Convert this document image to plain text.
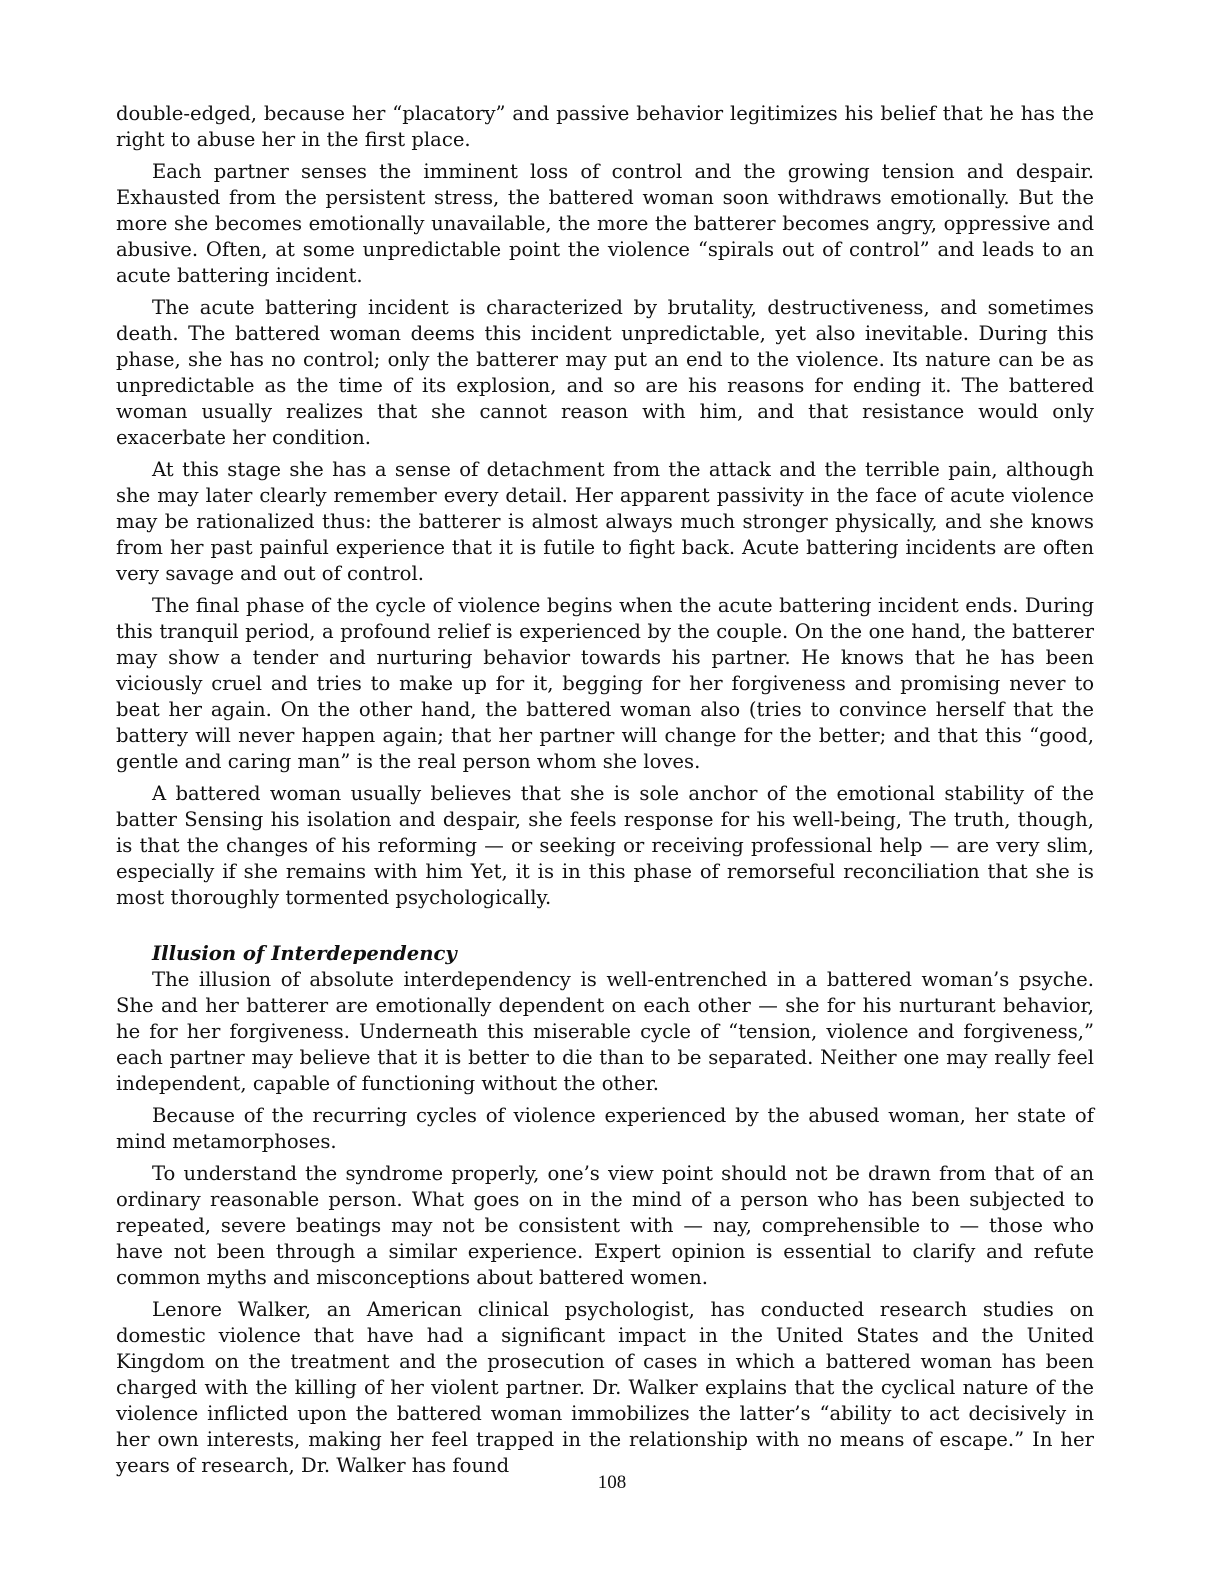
double-edged, because her “placatory” and passive behavior legitimizes his belief that he has the right to abuse her in the first place.

Each partner senses the imminent loss of control and the growing tension and despair. Exhausted from the persistent stress, the battered woman soon withdraws emotionally. But the more she becomes emotionally unavailable, the more the batterer becomes angry, oppressive and abusive. Often, at some unpredictable point the violence “spirals out of control” and leads to an acute battering incident.

The acute battering incident is characterized by brutality, destructiveness, and sometimes death. The battered woman deems this incident unpredictable, yet also inevitable. During this phase, she has no control; only the batterer may put an end to the violence. Its nature can be as unpredictable as the time of its explosion, and so are his reasons for ending it. The battered woman usually realizes that she cannot reason with him, and that resistance would only exacerbate her condition.

At this stage she has a sense of detachment from the attack and the terrible pain, although she may later clearly remember every detail. Her apparent passivity in the face of acute violence may be rationalized thus: the batterer is almost always much stronger physically, and she knows from her past painful experience that it is futile to fight back. Acute battering incidents are often very savage and out of control.

The final phase of the cycle of violence begins when the acute battering incident ends. During this tranquil period, a profound relief is experienced by the couple. On the one hand, the batterer may show a tender and nurturing behavior towards his partner. He knows that he has been viciously cruel and tries to make up for it, begging for her forgiveness and promising never to beat her again. On the other hand, the battered woman also (tries to convince herself that the battery will never happen again; that her partner will change for the better; and that this “good, gentle and caring man” is the real person whom she loves.

A battered woman usually believes that she is sole anchor of the emotional stability of the batter Sensing his isolation and despair, she feels response for his well-being, The truth, though, is that the changes of his reforming — or seeking or receiving professional help — are very slim, especially if she remains with him Yet, it is in this phase of remorseful reconciliation that she is most thoroughly tormented psychologically.

Illusion of Interdependency

The illusion of absolute interdependency is well-entrenched in a battered woman’s psyche. She and her batterer are emotionally dependent on each other — she for his nurturant behavior, he for her forgiveness. Underneath this miserable cycle of “tension, violence and forgiveness,” each partner may believe that it is better to die than to be separated. Neither one may really feel independent, capable of functioning without the other.

Because of the recurring cycles of violence experienced by the abused woman, her state of mind metamorphoses.

To understand the syndrome properly, one’s view point should not be drawn from that of an ordinary reasonable person. What goes on in the mind of a person who has been subjected to repeated, severe beatings may not be consistent with — nay, comprehensible to — those who have not been through a similar experience. Expert opinion is essential to clarify and refute common myths and misconceptions about battered women.

Lenore Walker, an American clinical psychologist, has conducted research studies on domestic violence that have had a significant impact in the United States and the United Kingdom on the treatment and the prosecution of cases in which a battered woman has been charged with the killing of her violent partner. Dr. Walker explains that the cyclical nature of the violence inflicted upon the battered woman immobilizes the latter’s “ability to act decisively in her own interests, making her feel trapped in the relationship with no means of escape.” In her years of research, Dr. Walker has found

108
